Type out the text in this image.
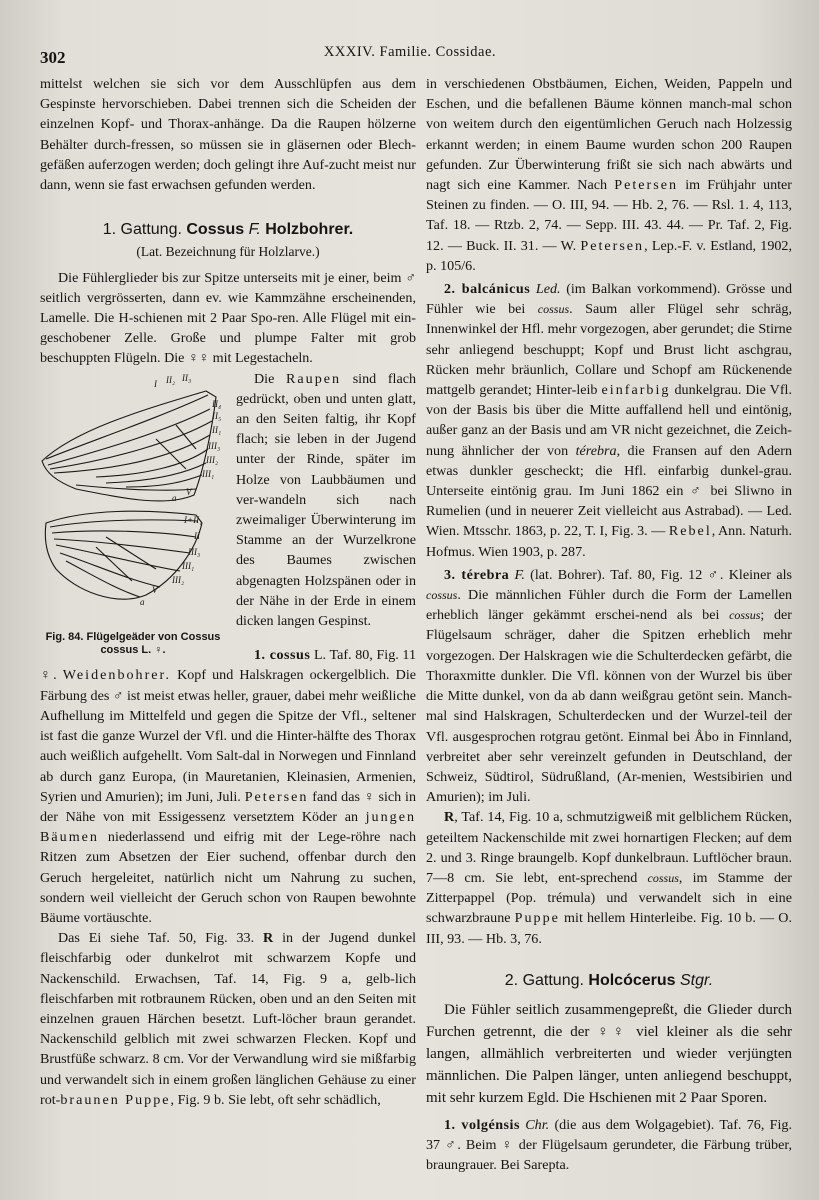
302	XXXIV. Familie. Cossidae.

mittelst welchen sie sich vor dem Ausschlüpfen aus dem Gespinste hervorschieben. Dabei trennen sich die Scheiden der einzelnen Kopf- und Thorax-anhänge. Da die Raupen hölzerne Behälter durch-fressen, so müssen sie in gläsernen oder Blech-gefäßen auferzogen werden; doch gelingt ihre Auf-zucht meist nur dann, wenn sie fast erwachsen gefunden werden.

1. Gattung. Cossus F. Holzbohrer.
(Lat. Bezeichnung für Holzlarve.)

Die Fühlerglieder bis zur Spitze unterseits mit je einer, beim ♂ seitlich vergrösserten, dann ev. wie Kammzähne erscheinenden, Lamelle. Die H-schienen mit 2 Paar Spo-ren. Alle Flügel mit ein-geschobener Zelle. Große und plumpe Falter mit grob beschuppten Flügeln. Die ♀♀ mit Legestacheln.

I II₂ II₃
II₄
II₅
II₁
III₃
III₂
III₁
V
a
I+II₁
II
III₃
III₁
III₂
V
a
Fig. 84. Flügelgeäder von Cossus cossus L. ♀.

Die Raupen sind flach gedrückt, oben und unten glatt, an den Seiten faltig, ihr Kopf flach; sie leben in der Jugend unter der Rinde, später im Holze von Laubbäumen und ver-wandeln sich nach zweimaliger Überwinterung im Stamme an der Wurzelkrone des Baumes zwischen abgenagten Holzspänen oder in der Nähe in der Erde in einem dicken langen Gespinst.

1. cossus L. Taf. 80, Fig. 11 ♀. Weidenbohrer. Kopf und Halskragen ockergelblich. Die Färbung des ♂ ist meist etwas heller, grauer, dabei mehr weißliche Aufhellung im Mittelfeld und gegen die Spitze der Vfl., seltener ist fast die ganze Wurzel der Vfl. und die Hinter-hälfte des Thorax auch weißlich aufgehellt. Vom Salt-dal in Norwegen und Finnland ab durch ganz Europa, (in Mauretanien, Kleinasien, Armenien, Syrien und Amurien); im Juni, Juli. Petersen fand das ♀ sich in der Nähe von mit Essigessenz versetztem Köder an jungen Bäumen niederlassend und eifrig mit der Lege-röhre nach Ritzen zum Absetzen der Eier suchend, offenbar durch den Geruch hergeleitet, natürlich nicht um Nahrung zu suchen, sondern weil vielleicht der Geruch schon von Raupen bewohnte Bäume vortäuschte.

Das Ei siehe Taf. 50, Fig. 33. R in der Jugend dunkel fleischfarbig oder dunkelrot mit schwarzem Kopfe und Nackenschild. Erwachsen, Taf. 14, Fig. 9 a, gelb-lich fleischfarben mit rotbraunem Rücken, oben und an den Seiten mit einzelnen grauen Härchen besetzt. Luft-löcher braun gerandet. Nackenschild gelblich mit zwei schwarzen Flecken. Kopf und Brustfüße schwarz. 8 cm. Vor der Verwandlung wird sie mißfarbig und verwandelt sich in einem großen länglichen Gehäuse zu einer rot-braunen Puppe, Fig. 9 b. Sie lebt, oft sehr schädlich,

in verschiedenen Obstbäumen, Eichen, Weiden, Pappeln und Eschen, und die befallenen Bäume können manch-mal schon von weitem durch den eigentümlichen Geruch nach Holzessig erkannt werden; in einem Baume wurden schon 200 Raupen gefunden. Zur Überwinterung frißt sie sich nach abwärts und nagt sich eine Kammer. Nach Petersen im Frühjahr unter Steinen zu finden. — O. III, 94. — Hb. 2, 76. — Rsl. 1. 4, 113, Taf. 18. — Rtzb. 2, 74. — Sepp. III. 43. 44. — Pr. Taf. 2, Fig. 12. — Buck. II. 31. — W. Petersen, Lep.-F. v. Estland, 1902, p. 105/6.

2. balcánicus Led. (im Balkan vorkommend). Grösse und Fühler wie bei cossus. Saum aller Flügel sehr schräg, Innenwinkel der Hfl. mehr vorgezogen, aber gerundet; die Stirne sehr anliegend beschuppt; Kopf und Brust licht aschgrau, Rücken mehr bräunlich, Collare und Schopf am Rückenende mattgelb gerandet; Hinter-leib einfarbig dunkelgrau. Die Vfl. von der Basis bis über die Mitte auffallend hell und eintönig, außer ganz an der Basis und am VR nicht gezeichnet, die Zeich-nung ähnlicher der von térebra, die Fransen auf den Adern etwas dunkler gescheckt; die Hfl. einfarbig dunkel-grau. Unterseite eintönig grau. Im Juni 1862 ein ♂ bei Sliwno in Rumelien (und in neuerer Zeit vielleicht aus Astrabad). — Led. Wien. Mtsschr. 1863, p. 22, T. I, Fig. 3. — Rebel, Ann. Naturh. Hofmus. Wien 1903, p. 287.

3. térebra F. (lat. Bohrer). Taf. 80, Fig. 12 ♂. Kleiner als cossus. Die männlichen Fühler durch die Form der Lamellen erheblich länger gekämmt erschei-nend als bei cossus; der Flügelsaum schräger, daher die Spitzen erheblich mehr vorgezogen. Der Halskragen wie die Schulterdecken gefärbt, die Thoraxmitte dunkler. Die Vfl. können von der Wurzel bis über die Mitte dunkel, von da ab dann weißgrau getönt sein. Manch-mal sind Halskragen, Schulterdecken und der Wurzel-teil der Vfl. ausgesprochen rotgrau getönt. Einmal bei Åbo in Finnland, verbreitet aber sehr vereinzelt gefunden in Deutschland, der Schweiz, Südtirol, Südrußland, (Ar-menien, Westsibirien und Amurien); im Juli.

R, Taf. 14, Fig. 10 a, schmutzigweiß mit gelblichem Rücken, geteiltem Nackenschilde mit zwei hornartigen Flecken; auf dem 2. und 3. Ringe braungelb. Kopf dunkelbraun. Luftlöcher braun. 7—8 cm. Sie lebt, ent-sprechend cossus, im Stamme der Zitterpappel (Pop. trémula) und verwandelt sich in eine schwarzbraune Puppe mit hellem Hinterleibe. Fig. 10 b. — O. III, 93. — Hb. 3, 76.

2. Gattung. Holcócerus Stgr.

Die Fühler seitlich zusammengepreßt, die Glieder durch Furchen getrennt, die der ♀♀ viel kleiner als die sehr langen, allmählich verbreiterten und wieder verjüngten männlichen. Die Palpen länger, unten anliegend beschuppt, mit sehr kurzem Egld. Die Hschienen mit 2 Paar Sporen.

1. volgénsis Chr. (die aus dem Wolgagebiet). Taf. 76, Fig. 37 ♂. Beim ♀ der Flügelsaum gerundeter, die Färbung trüber, braungrauer. Bei Sarepta.
